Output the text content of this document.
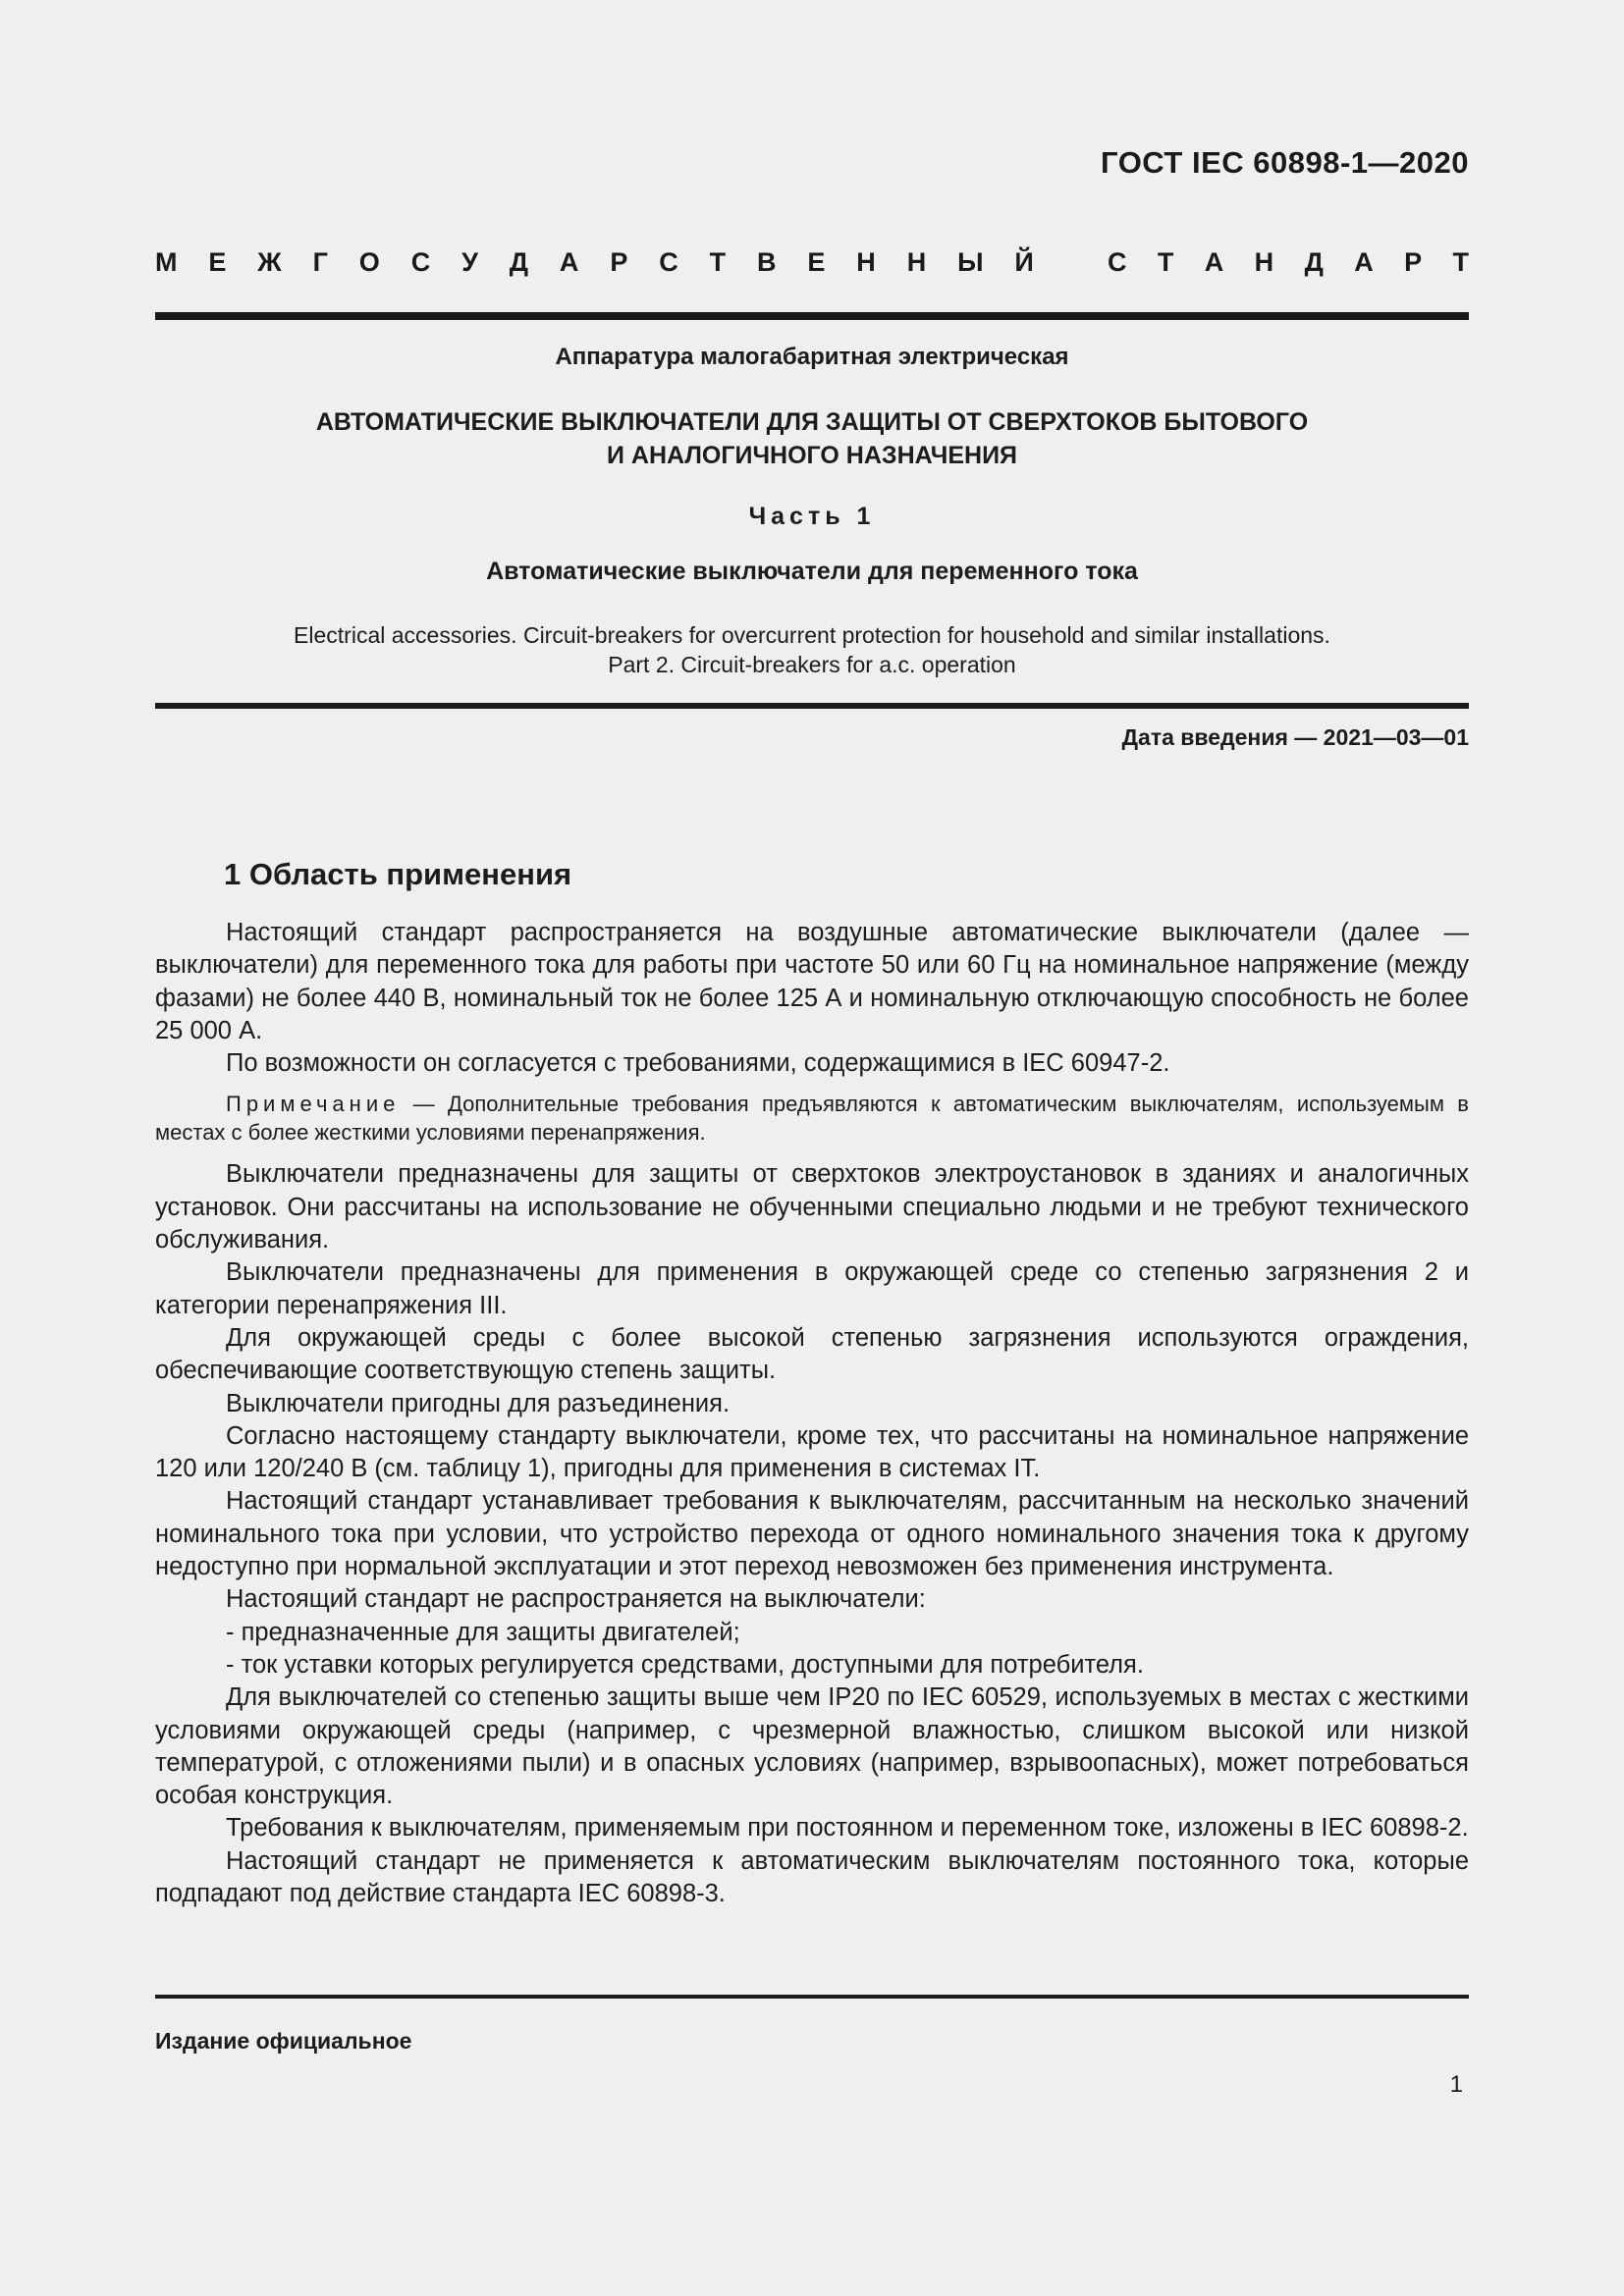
ГОСТ IEC 60898-1—2020
М Е Ж Г О С У Д А Р С Т В Е Н Н Ы Й	С Т А Н Д А Р Т
Аппаратура малогабаритная электрическая
АВТОМАТИЧЕСКИЕ ВЫКЛЮЧАТЕЛИ ДЛЯ ЗАЩИТЫ ОТ СВЕРХТОКОВ БЫТОВОГО
И АНАЛОГИЧНОГО НАЗНАЧЕНИЯ
Часть 1
Автоматические выключатели для переменного тока
Electrical accessories. Circuit-breakers for overcurrent protection for household and similar installations.
Part 2. Circuit-breakers for a.c. operation
Дата введения — 2021—03—01
1 Область применения

Настоящий стандарт распространяется на воздушные автоматические выключатели (далее — выключатели) для переменного тока для работы при частоте 50 или 60 Гц на номинальное напряжение (между фазами) не более 440 В, номинальный ток не более 125 А и номинальную отключающую способность не более 25 000 А.

По возможности он согласуется с требованиями, содержащимися в IEC 60947-2.

Примечание — Дополнительные требования предъявляются к автоматическим выключателям, используемым в местах с более жесткими условиями перенапряжения.

Выключатели предназначены для защиты от сверхтоков электроустановок в зданиях и аналогичных установок. Они рассчитаны на использование не обученными специально людьми и не требуют технического обслуживания.

Выключатели предназначены для применения в окружающей среде со степенью загрязнения 2 и категории перенапряжения III.

Для окружающей среды с более высокой степенью загрязнения используются ограждения, обеспечивающие соответствующую степень защиты.

Выключатели пригодны для разъединения.

Согласно настоящему стандарту выключатели, кроме тех, что рассчитаны на номинальное напряжение 120 или 120/240 В (см. таблицу 1), пригодны для применения в системах IT.

Настоящий стандарт устанавливает требования к выключателям, рассчитанным на несколько значений номинального тока при условии, что устройство перехода от одного номинального значения тока к другому недоступно при нормальной эксплуатации и этот переход невозможен без применения инструмента.

Настоящий стандарт не распространяется на выключатели:

- предназначенные для защиты двигателей;

- ток уставки которых регулируется средствами, доступными для потребителя.

Для выключателей со степенью защиты выше чем IP20 по IEC 60529, используемых в местах с жесткими условиями окружающей среды (например, с чрезмерной влажностью, слишком высокой или низкой температурой, с отложениями пыли) и в опасных условиях (например, взрывоопасных), может потребоваться особая конструкция.

Требования к выключателям, применяемым при постоянном и переменном токе, изложены в IEC 60898-2.

Настоящий стандарт не применяется к автоматическим выключателям постоянного тока, которые подпадают под действие стандарта IEC 60898-3.

Издание официальное
1
